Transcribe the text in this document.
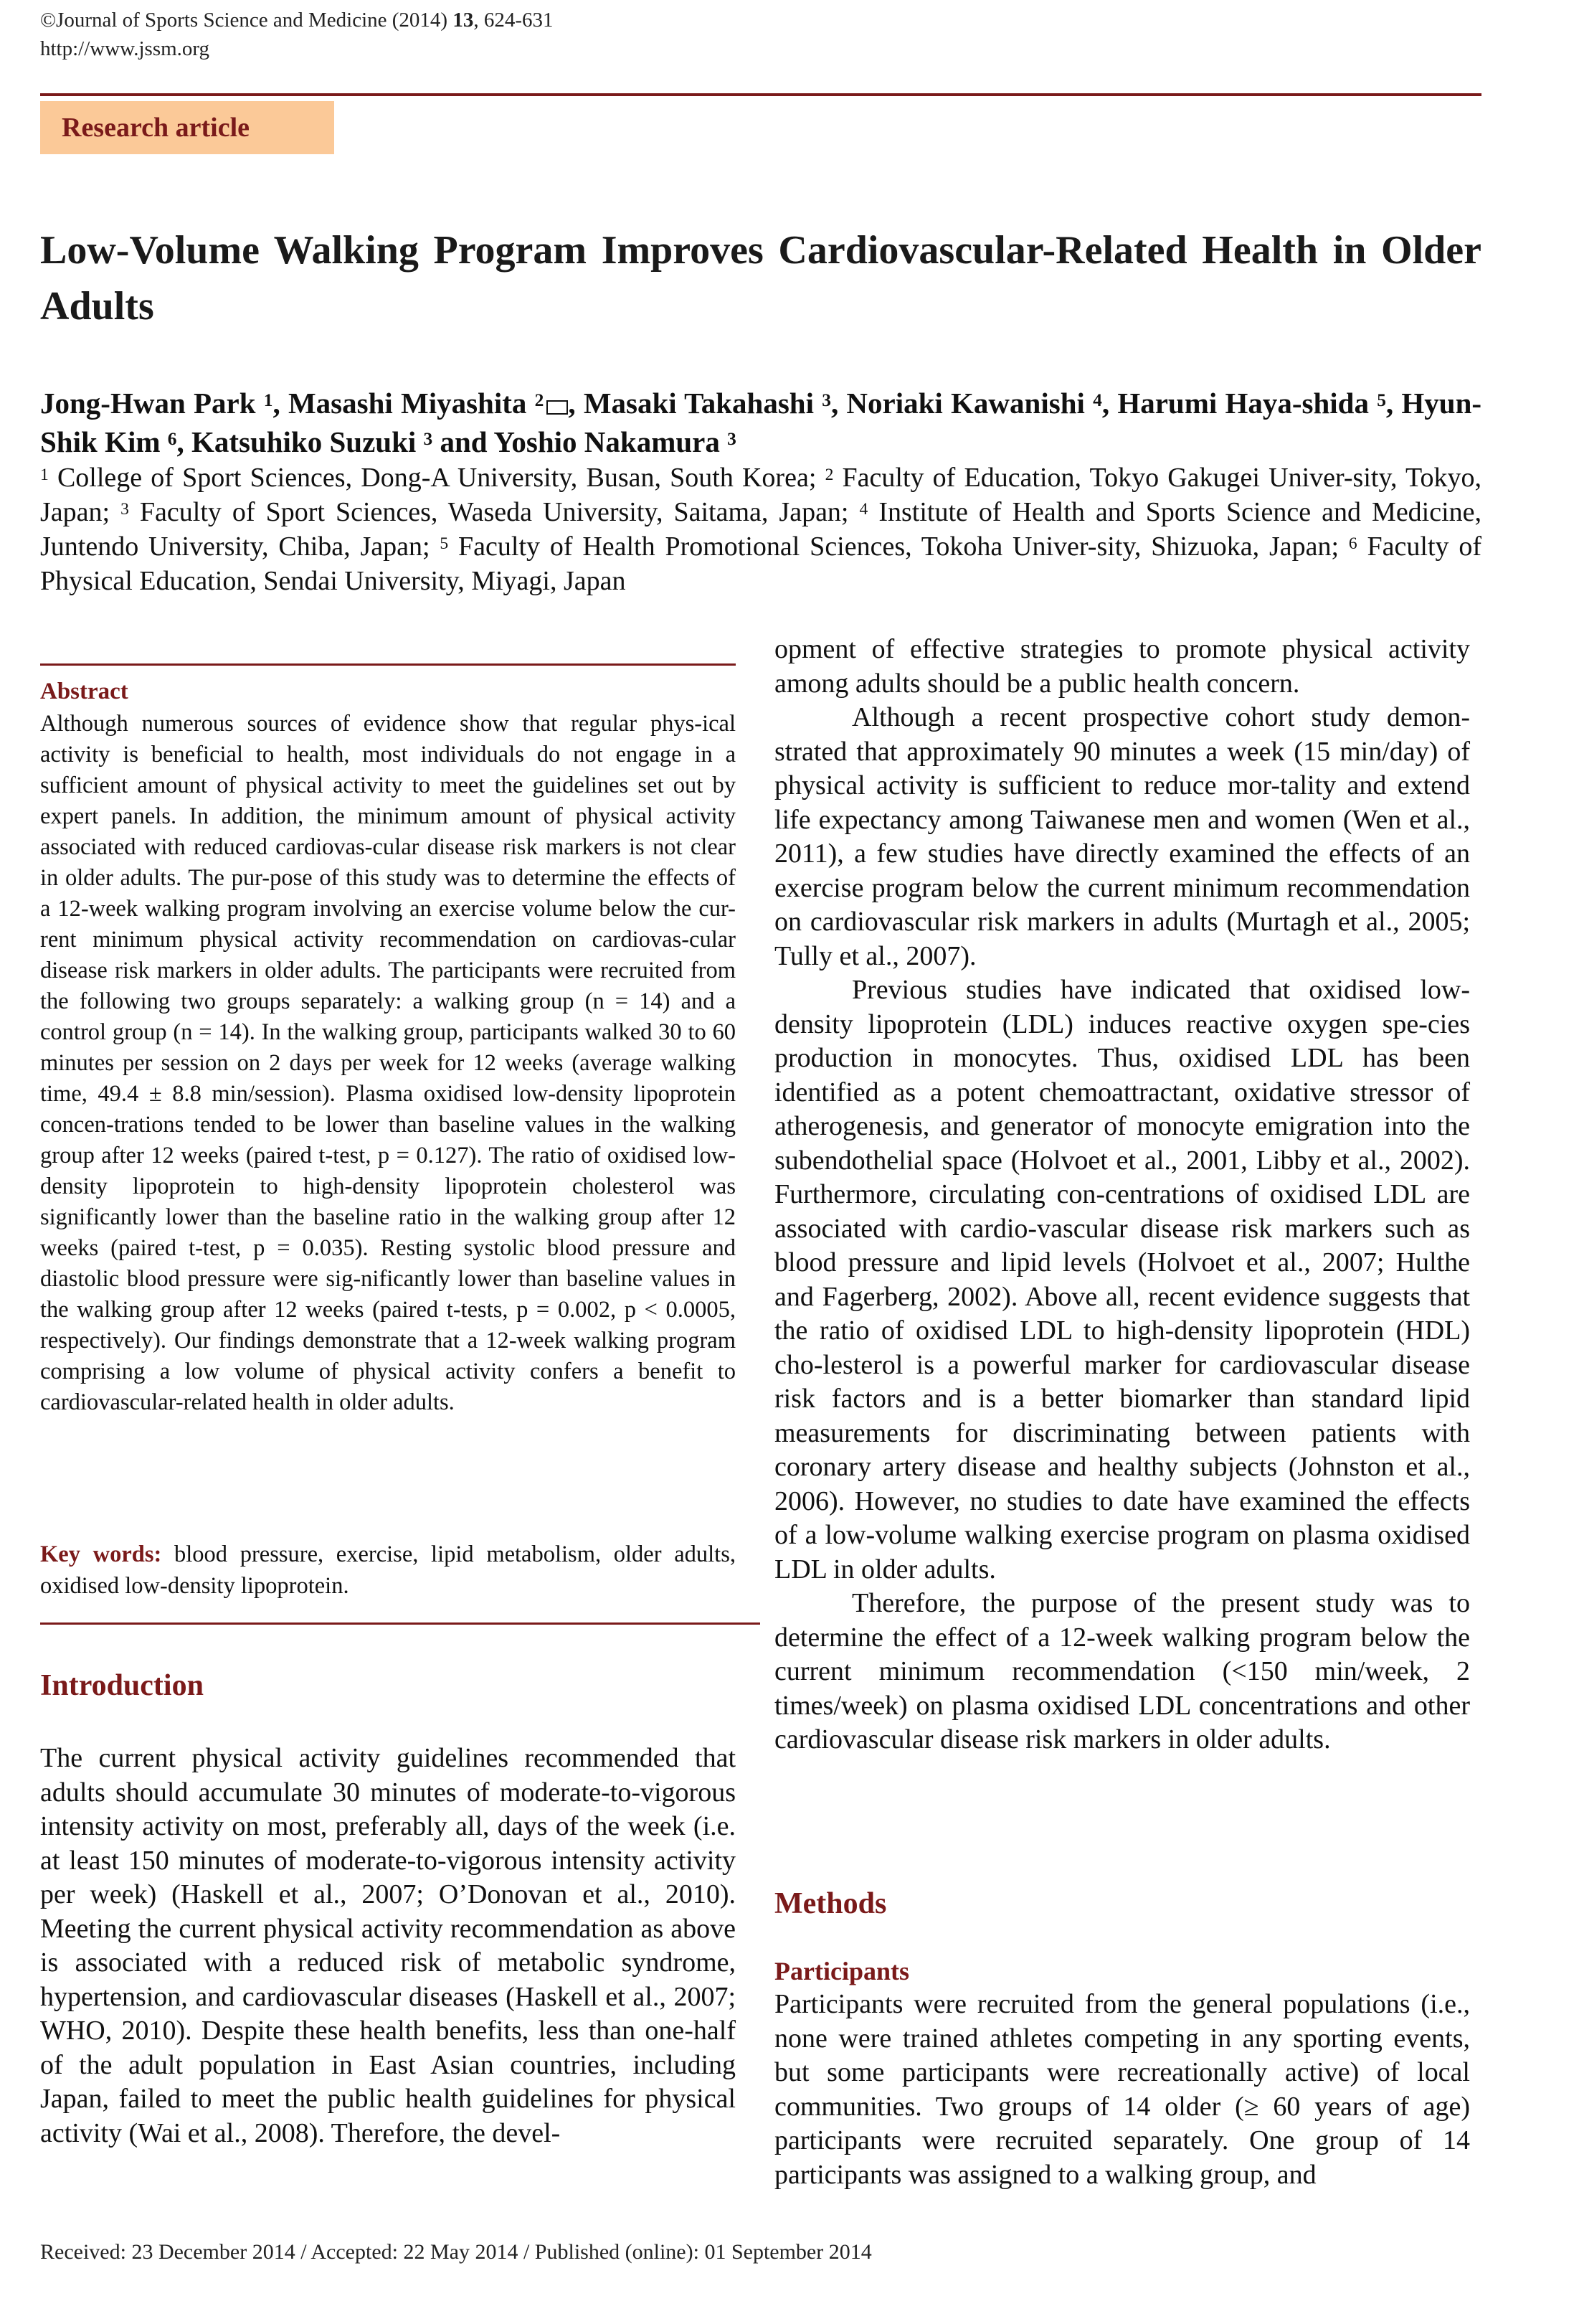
©Journal of Sports Science and Medicine (2014) 13, 624-631
http://www.jssm.org
Research article
Low-Volume Walking Program Improves Cardiovascular-Related Health in Older Adults
Jong-Hwan Park $^1$, Masashi Miyashita $^2$ , Masaki Takahashi $^3$, Noriaki Kawanishi $^4$, Harumi Haya-shida $^5$, Hyun-Shik Kim $^6$, Katsuhiko Suzuki $^3$ and Yoshio Nakamura $^3$
$^1$ College of Sport Sciences, Dong-A University, Busan, South Korea; $^2$ Faculty of Education, Tokyo Gakugei Univer-sity, Tokyo, Japan; $^3$ Faculty of Sport Sciences, Waseda University, Saitama, Japan; $^4$ Institute of Health and Sports Science and Medicine, Juntendo University, Chiba, Japan; $^5$ Faculty of Health Promotional Sciences, Tokoha Univer-sity, Shizuoka, Japan; $^6$ Faculty of Physical Education, Sendai University, Miyagi, Japan
Abstract
Although numerous sources of evidence show that regular phys-ical activity is beneficial to health, most individuals do not engage in a sufficient amount of physical activity to meet the guidelines set out by expert panels. In addition, the minimum amount of physical activity associated with reduced cardiovas-cular disease risk markers is not clear in older adults. The pur-pose of this study was to determine the effects of a 12-week walking program involving an exercise volume below the cur-rent minimum physical activity recommendation on cardiovas-cular disease risk markers in older adults. The participants were recruited from the following two groups separately: a walking group (n = 14) and a control group (n = 14). In the walking group, participants walked 30 to 60 minutes per session on 2 days per week for 12 weeks (average walking time, 49.4 ± 8.8 min/session). Plasma oxidised low-density lipoprotein concen-trations tended to be lower than baseline values in the walking group after 12 weeks (paired t-test, p = 0.127). The ratio of oxidised low-density lipoprotein to high-density lipoprotein cholesterol was significantly lower than the baseline ratio in the walking group after 12 weeks (paired t-test, p = 0.035). Resting systolic blood pressure and diastolic blood pressure were sig-nificantly lower than baseline values in the walking group after 12 weeks (paired t-tests, p = 0.002, p < 0.0005, respectively). Our findings demonstrate that a 12-week walking program comprising a low volume of physical activity confers a benefit to cardiovascular-related health in older adults.
Key words: blood pressure, exercise, lipid metabolism, older adults, oxidised low-density lipoprotein.
Introduction
The current physical activity guidelines recommended that adults should accumulate 30 minutes of moderate-to-vigorous intensity activity on most, preferably all, days of the week (i.e. at least 150 minutes of moderate-to-vigorous intensity activity per week) (Haskell et al., 2007; O’Donovan et al., 2010). Meeting the current physical activity recommendation as above is associated with a reduced risk of metabolic syndrome, hypertension, and cardiovascular diseases (Haskell et al., 2007; WHO, 2010). Despite these health benefits, less than one-half of the adult population in East Asian countries, including Japan, failed to meet the public health guidelines for physical activity (Wai et al., 2008). Therefore, the devel-

opment of effective strategies to promote physical activity among adults should be a public health concern.

Although a recent prospective cohort study demon-strated that approximately 90 minutes a week (15 min/day) of physical activity is sufficient to reduce mor-tality and extend life expectancy among Taiwanese men and women (Wen et al., 2011), a few studies have directly examined the effects of an exercise program below the current minimum recommendation on cardiovascular risk markers in adults (Murtagh et al., 2005; Tully et al., 2007).

Previous studies have indicated that oxidised low-density lipoprotein (LDL) induces reactive oxygen spe-cies production in monocytes. Thus, oxidised LDL has been identified as a potent chemoattractant, oxidative stressor of atherogenesis, and generator of monocyte emigration into the subendothelial space (Holvoet et al., 2001, Libby et al., 2002). Furthermore, circulating con-centrations of oxidised LDL are associated with cardio-vascular disease risk markers such as blood pressure and lipid levels (Holvoet et al., 2007; Hulthe and Fagerberg, 2002). Above all, recent evidence suggests that the ratio of oxidised LDL to high-density lipoprotein (HDL) cho-lesterol is a powerful marker for cardiovascular disease risk factors and is a better biomarker than standard lipid measurements for discriminating between patients with coronary artery disease and healthy subjects (Johnston et al., 2006). However, no studies to date have examined the effects of a low-volume walking exercise program on plasma oxidised LDL in older adults.

Therefore, the purpose of the present study was to determine the effect of a 12-week walking program below the current minimum recommendation (<150 min/week, 2 times/week) on plasma oxidised LDL concentrations and other cardiovascular disease risk markers in older adults.

Methods
Participants
Participants were recruited from the general populations (i.e., none were trained athletes competing in any sporting events, but some participants were recreationally active) of local communities. Two groups of 14 older (≥ 60 years of age) participants were recruited separately. One group of 14 participants was assigned to a walking group, and
Received: 23 December 2014 / Accepted: 22 May 2014 / Published (online): 01 September 2014
